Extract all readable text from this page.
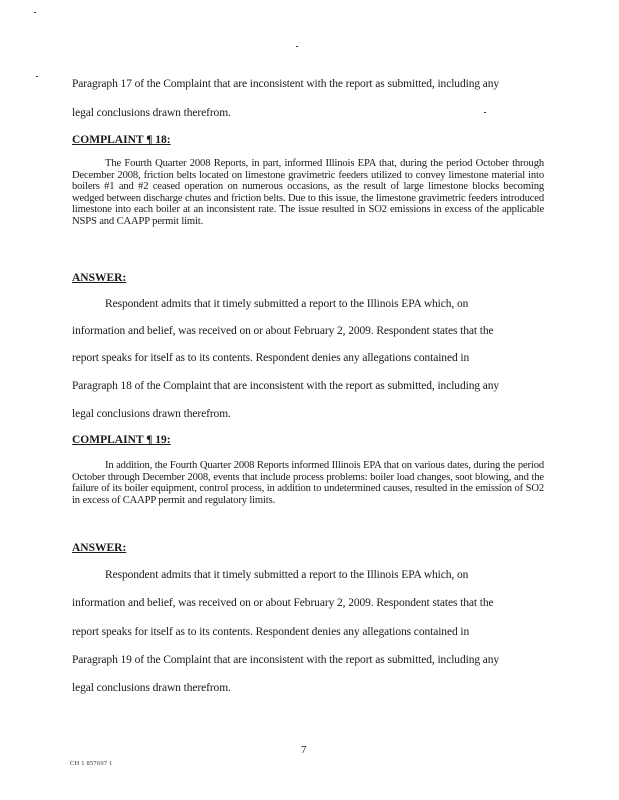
Paragraph 17 of the Complaint that are inconsistent with the report as submitted, including any
legal conclusions drawn therefrom.
COMPLAINT ¶ 18:

The Fourth Quarter 2008 Reports, in part, informed Illinois EPA that, during the period October through December 2008, friction belts located on limestone gravimetric feeders utilized to convey limestone material into boilers #1 and #2 ceased operation on numerous occasions, as the result of large limestone blocks becoming wedged between discharge chutes and friction belts. Due to this issue, the limestone gravimetric feeders introduced limestone into each boiler at an inconsistent rate. The issue resulted in SO2 emissions in excess of the applicable NSPS and CAAPP permit limit.

ANSWER:
Respondent admits that it timely submitted a report to the Illinois EPA which, on
information and belief, was received on or about February 2, 2009. Respondent states that the
report speaks for itself as to its contents. Respondent denies any allegations contained in
Paragraph 18 of the Complaint that are inconsistent with the report as submitted, including any
legal conclusions drawn therefrom.
COMPLAINT ¶ 19:

In addition, the Fourth Quarter 2008 Reports informed Illinois EPA that on various dates, during the period October through December 2008, events that include process problems: boiler load changes, soot blowing, and the failure of its boiler equipment, control process, in addition to undetermined causes, resulted in the emission of SO2 in excess of CAAPP permit and regulatory limits.

ANSWER:
Respondent admits that it timely submitted a report to the Illinois EPA which, on
information and belief, was received on or about February 2, 2009. Respondent states that the
report speaks for itself as to its contents. Respondent denies any allegations contained in
Paragraph 19 of the Complaint that are inconsistent with the report as submitted, including any
legal conclusions drawn therefrom.
7
CH 1 857697 1
